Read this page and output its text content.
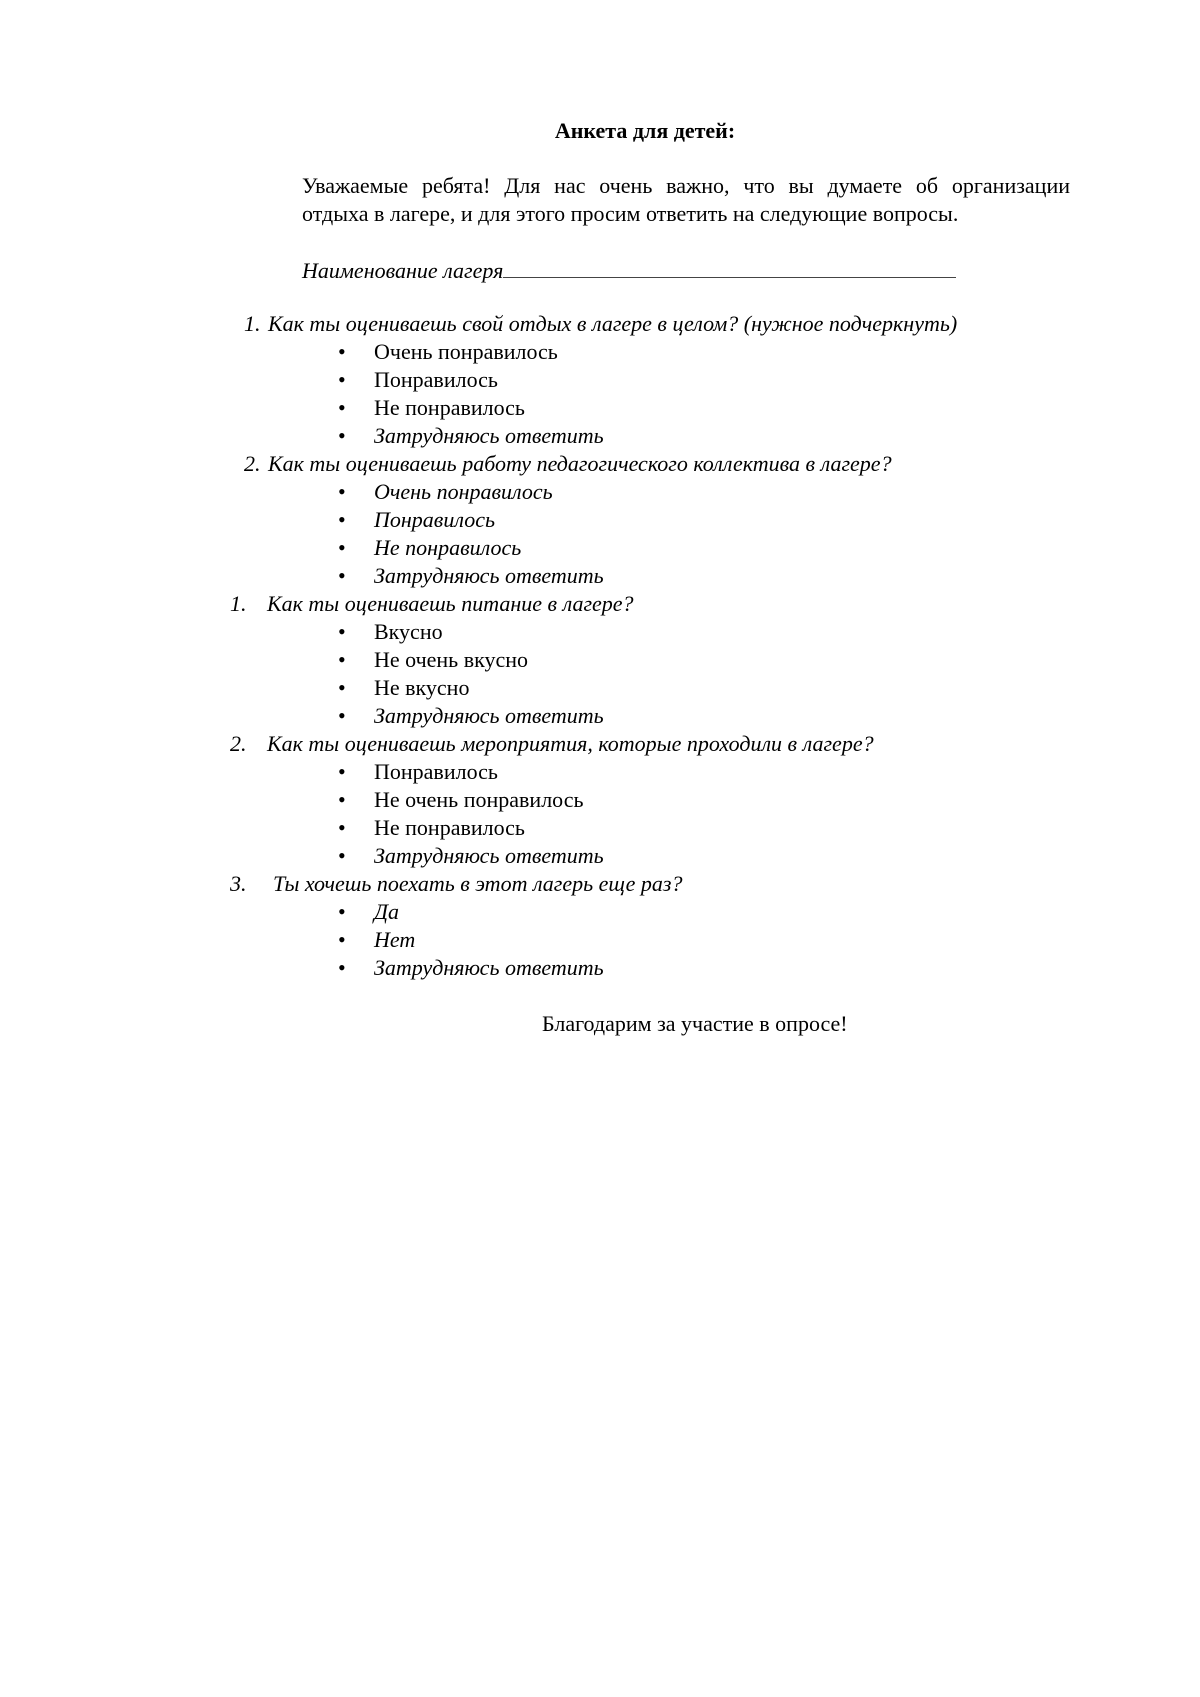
Анкета для детей:
Уважаемые ребята! Для нас очень важно, что вы думаете об организации
отдыха в лагере, и для этого просим ответить на следующие вопросы.
Наименование лагеря
1. Как ты оцениваешь свой отдых в лагере в целом? (нужное подчеркнуть)
• Очень понравилось
• Понравилось
• Не понравилось
• Затрудняюсь ответить
2. Как ты оцениваешь работу педагогического коллектива в лагере?
• Очень понравилось
• Понравилось
• Не понравилось
• Затрудняюсь ответить
1. Как ты оцениваешь питание в лагере?
• Вкусно
• Не очень вкусно
• Не вкусно
• Затрудняюсь ответить
2. Как ты оцениваешь мероприятия, которые проходили в лагере?
• Понравилось
• Не очень понравилось
• Не понравилось
• Затрудняюсь ответить
3. Ты хочешь поехать в этот лагерь еще раз?
• Да
• Нет
• Затрудняюсь ответить
Благодарим за участие в опросе!
